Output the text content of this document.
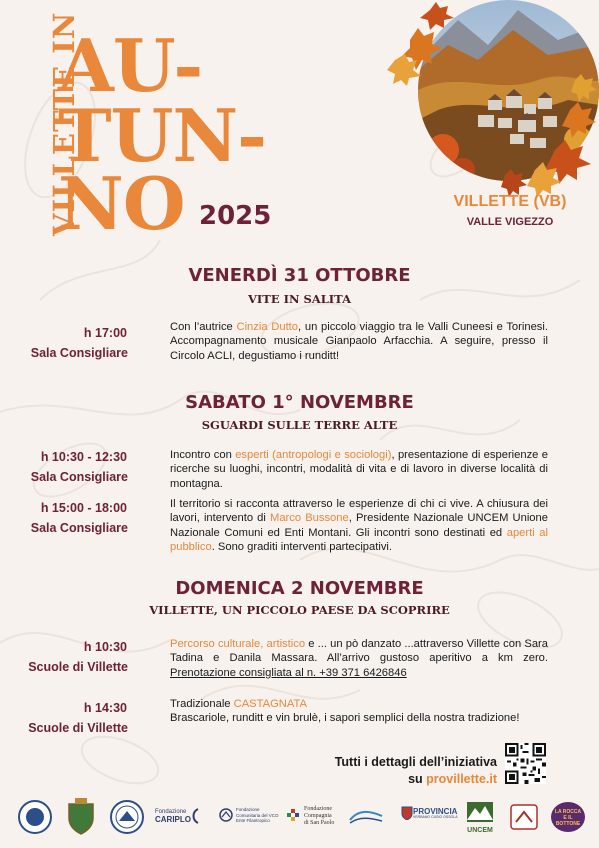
VILLETTE IN
AU-
TUN-
NO 2025	VILLETTE (VB)
VALLE VIGEZZO
VENERDÌ 31 OTTOBRE
VITE IN SALITA
h 17:00
Sala Consigliare
Con l’autrice Cinzia Dutto, un piccolo viaggio tra le Valli Cuneesi e Torinesi. Accompagnamento musicale Gianpaolo Arfacchia. A seguire, presso il Circolo ACLI, degustiamo i runditt!
SABATO 1° NOVEMBRE
SGUARDI SULLE TERRE ALTE
h 10:30 - 12:30
Sala Consigliare
Incontro con esperti (antropologi e sociologi), presentazione di esperienze e ricerche su luoghi, incontri, modalità di vita e di lavoro in diverse località di montagna.
h 15:00 - 18:00
Sala Consigliare
Il territorio si racconta attraverso le esperienze di chi ci vive. A chiusura dei lavori, intervento di Marco Bussone, Presidente Nazionale UNCEM Unione Nazionale Comuni ed Enti Montani. Gli incontri sono destinati ed aperti al pubblico. Sono graditi interventi partecipativi.
DOMENICA 2 NOVEMBRE
VILLETTE, UN PICCOLO PAESE DA SCOPRIRE
h 10:30
Scuole di Villette
Percorso culturale, artistico e ... un pò danzato ...attraverso Villette con Sara Tadina e Danila Massara. All’arrivo gustoso aperitivo a km zero. Prenotazione consigliata al n. +39 371 6426846
h 14:30
Scuole di Villette
Tradizionale CASTAGNATA
Brascariole, runditt e vin brulè, i sapori semplici della nostra tradizione!
Tutti i dettagli dell’iniziativa
su provillette.it
Fondazione
CARIPLO
Fondazione
Comunitaria del VCO
Ente Filantropico
Fondazione
Compagnia
di San Paolo
PROVINCIA
VERBANO CUSIO OSSOLA
UNCEM
LA ROCCA
E IL
BOTTONE
